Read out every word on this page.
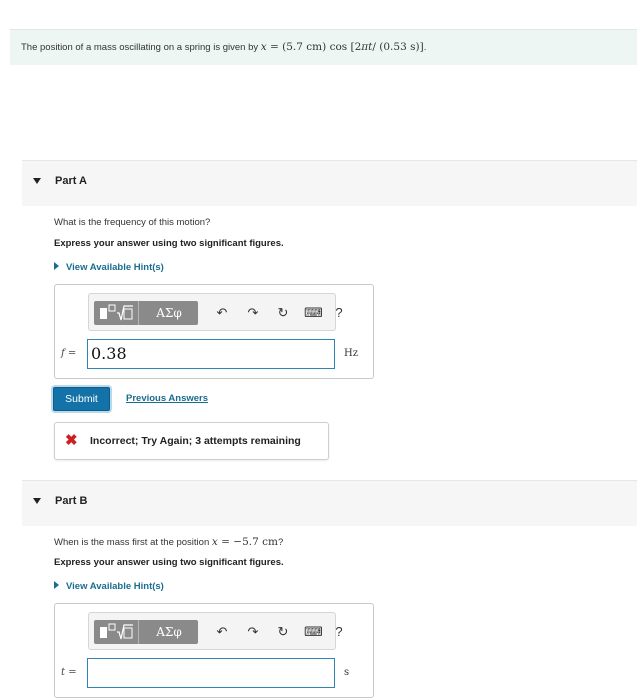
The position of a mass oscillating on a spring is given by x = (5.7 cm) cos [2πt/ (0.53 s)].
Part A
What is the frequency of this motion?
Express your answer using two significant figures.
View Available Hint(s)
ΑΣφ	↶ ↷ ↻ ⌨ ?
f = 0.38	Hz
Submit	Previous Answers
✖ Incorrect; Try Again; 3 attempts remaining
Part B
When is the mass first at the position x = −5.7 cm?
Express your answer using two significant figures.
View Available Hint(s)
ΑΣφ	↶ ↷ ↻ ⌨ ?
t =	s
